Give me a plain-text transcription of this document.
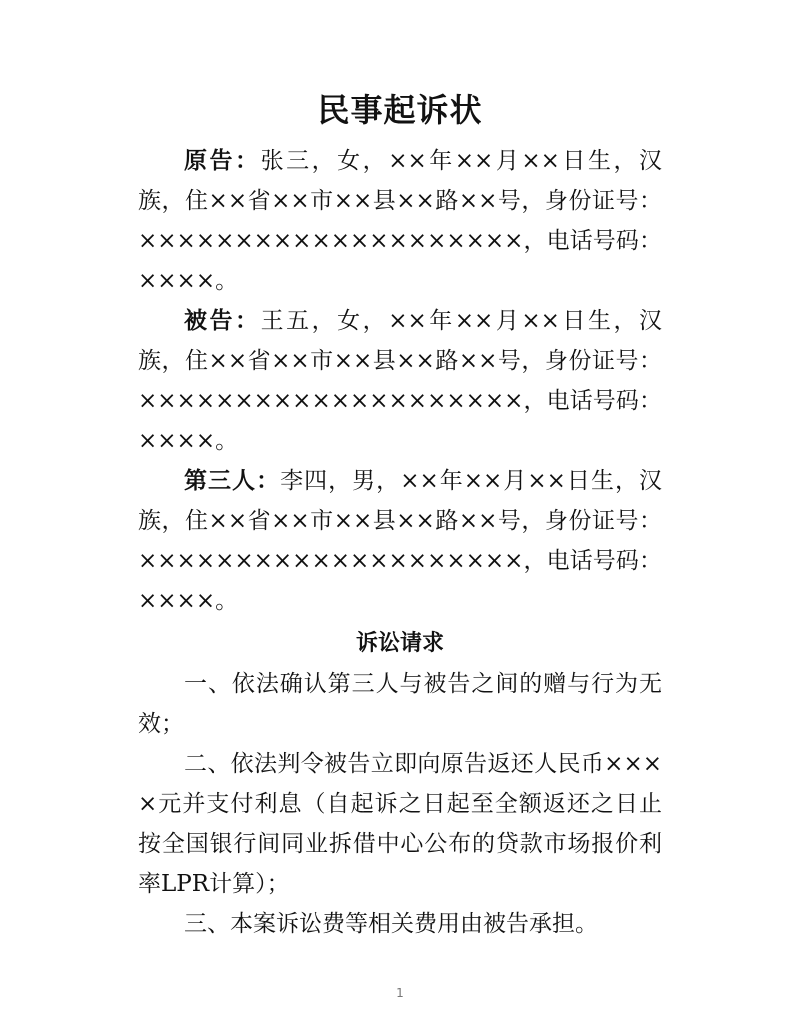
民事起诉状
原告：张三，女，××年××月××日生，汉族，住××省××市××县××路××号，身份证号：××××××××××××××××××××，电话号码：××××。
被告：王五，女，××年××月××日生，汉族，住××省××市××县××路××号，身份证号：××××××××××××××××××××，电话号码：××××。
第三人：李四，男，××年××月××日生，汉族，住××省××市××县××路××号，身份证号：××××××××××××××××××××，电话号码：××××。
诉讼请求
一、依法确认第三人与被告之间的赠与行为无效；
二、依法判令被告立即向原告返还人民币××××元并支付利息（自起诉之日起至全额返还之日止按全国银行间同业拆借中心公布的贷款市场报价利率LPR计算）；
三、本案诉讼费等相关费用由被告承担。
1
